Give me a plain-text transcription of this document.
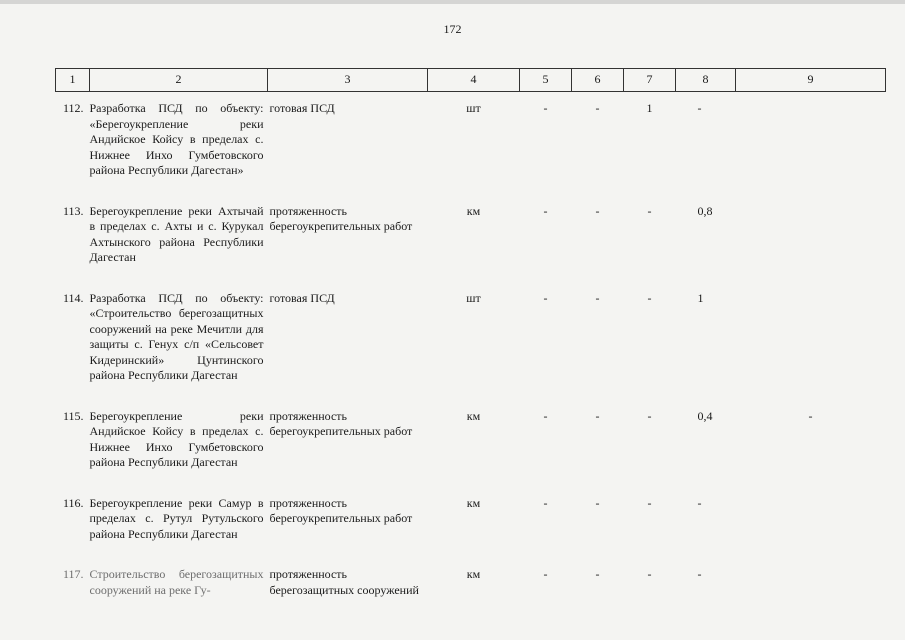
172
1	2	3	4	5	6	7	8	9
112.	Разработка ПСД по объекту: «Берегоукрепление реки Андийское Койсу в пределах с. Нижнее Инхо Гумбетовского района Республики Дагестан»	готовая ПСД	шт	-	-	1	-	
113.	Берегоукрепление реки Ахтычай в пределах с. Ахты и с. Курукал Ахтынского района Республики Дагестан	протяженность берегоукрепительных работ	км	-	-	-	0,8	
114.	Разработка ПСД по объекту: «Строительство берегозащитных сооружений на реке Мечитли для защиты с. Генух с/п «Сельсовет Кидеринский» Цунтинского района Республики Дагестан	готовая ПСД	шт	-	-	-	1	
115.	Берегоукрепление реки Андийское Койсу в пределах с. Нижнее Инхо Гумбетовского района Республики Дагестан	протяженность берегоукрепительных работ	км	-	-	-	0,4	-
116.	Берегоукрепление реки Самур в пределах с. Рутул Рутульского района Республики Дагестан	протяженность берегоукрепительных работ	км	-	-	-	-	
117.	Строительство берегозащитных сооружений на реке Гу-	протяженность берегозащитных сооружений	км	-	-	-	-	
